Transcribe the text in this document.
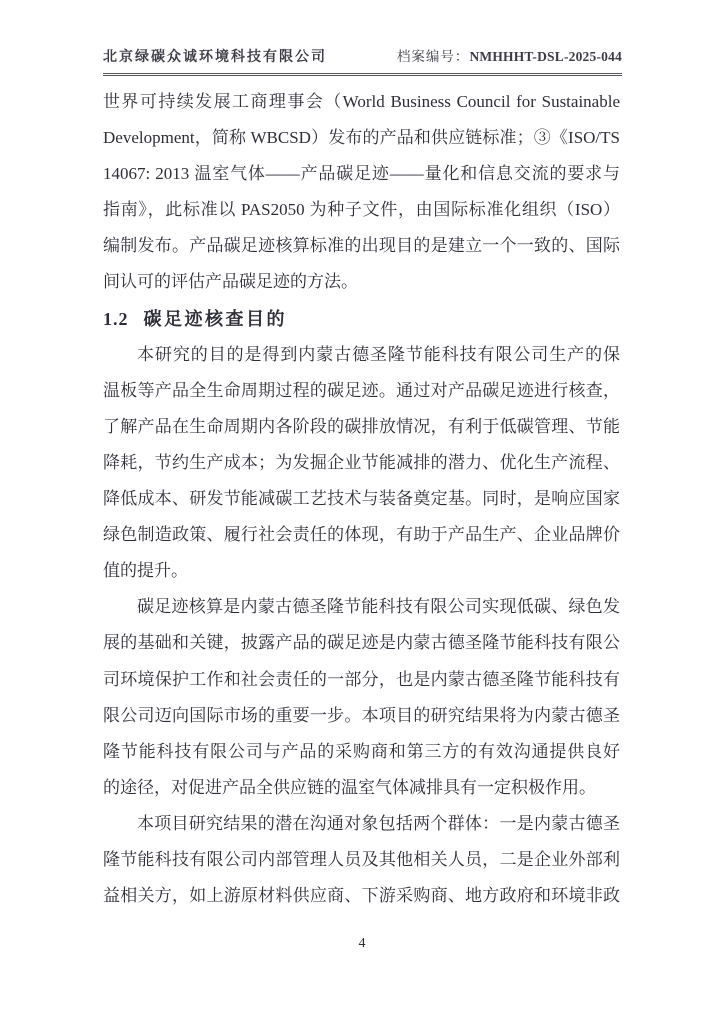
北京绿碳众诚环境科技有限公司	档案编号：NMHHHT-DSL-2025-044
世界可持续发展工商理事会（World Business Council for Sustainable
Development，简称 WBCSD）发布的产品和供应链标准；③《ISO/TS
14067: 2013 温室气体——产品碳足迹——量化和信息交流的要求与
指南》，此标准以 PAS2050 为种子文件，由国际标准化组织（ISO）
编制发布。产品碳足迹核算标准的出现目的是建立一个一致的、国际
间认可的评估产品碳足迹的方法。
1.2 碳足迹核查目的
本研究的目的是得到内蒙古德圣隆节能科技有限公司生产的保
温板等产品全生命周期过程的碳足迹。通过对产品碳足迹进行核查，
了解产品在生命周期内各阶段的碳排放情况，有利于低碳管理、节能
降耗，节约生产成本；为发掘企业节能减排的潜力、优化生产流程、
降低成本、研发节能减碳工艺技术与装备奠定基。同时，是响应国家
绿色制造政策、履行社会责任的体现，有助于产品生产、企业品牌价
值的提升。
碳足迹核算是内蒙古德圣隆节能科技有限公司实现低碳、绿色发
展的基础和关键，披露产品的碳足迹是内蒙古德圣隆节能科技有限公
司环境保护工作和社会责任的一部分，也是内蒙古德圣隆节能科技有
限公司迈向国际市场的重要一步。本项目的研究结果将为内蒙古德圣
隆节能科技有限公司与产品的采购商和第三方的有效沟通提供良好
的途径，对促进产品全供应链的温室气体减排具有一定积极作用。
本项目研究结果的潜在沟通对象包括两个群体：一是内蒙古德圣
隆节能科技有限公司内部管理人员及其他相关人员，二是企业外部利
益相关方，如上游原材料供应商、下游采购商、地方政府和环境非政
4
